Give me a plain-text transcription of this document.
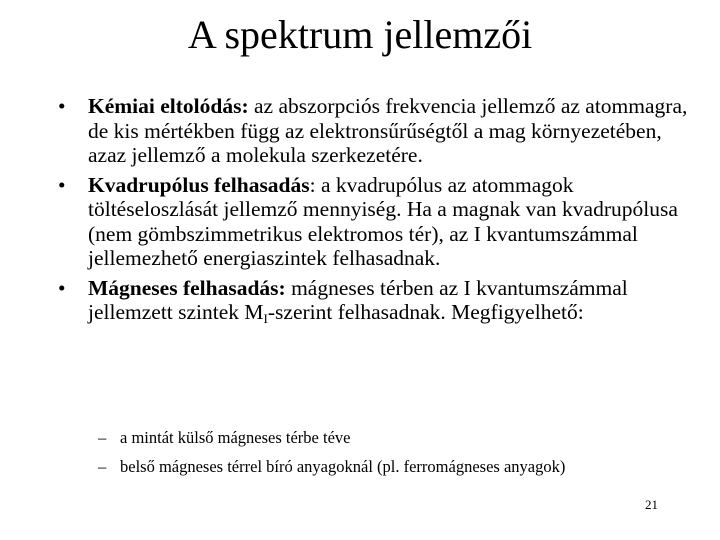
A spektrum jellemzői
• Kémiai eltolódás: az abszorpciós frekvencia jellemző az atommagra, de kis mértékben függ az elektronsűrűségtől a mag környezetében, azaz jellemző a molekula szerkezetére.
• Kvadrupólus felhasadás: a kvadrupólus az atommagok töltéseloszlását jellemző mennyiség. Ha a magnak van kvadrupólusa (nem gömbszimmetrikus elektromos tér), az I kvantumszámmal jellemezhető energiaszintek felhasadnak.
• Mágneses felhasadás: mágneses térben az I kvantumszámmal jellemzett szintek $M_I$-szerint felhasadnak. Megfigyelhető:
– a mintát külső mágneses térbe téve
– belső mágneses térrel bíró anyagoknál (pl. ferromágneses anyagok)
21
